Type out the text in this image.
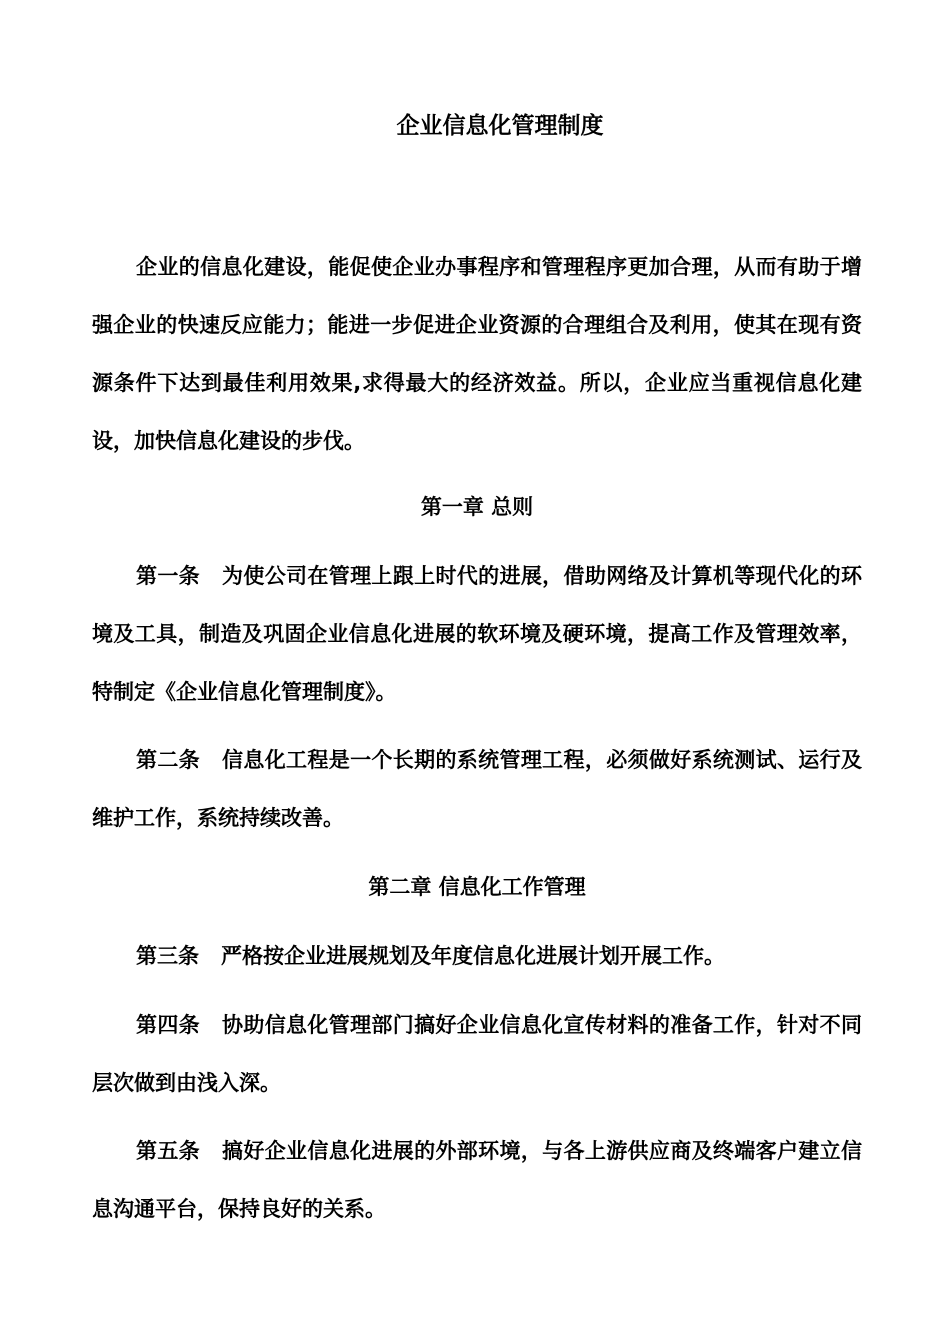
企业信息化管理制度

企业的信息化建设，能促使企业办事程序和管理程序更加合理，从而有助于增强企业的快速反应能力；能进一步促进企业资源的合理组合及利用，使其在现有资源条件下达到最佳利用效果,求得最大的经济效益。所以，企业应当重视信息化建设，加快信息化建设的步伐。

第一章 总则

第一条 为使公司在管理上跟上时代的进展，借助网络及计算机等现代化的环境及工具，制造及巩固企业信息化进展的软环境及硬环境，提高工作及管理效率，特制定《企业信息化管理制度》。

第二条 信息化工程是一个长期的系统管理工程，必须做好系统测试、运行及维护工作，系统持续改善。

第二章 信息化工作管理

第三条 严格按企业进展规划及年度信息化进展计划开展工作。

第四条 协助信息化管理部门搞好企业信息化宣传材料的准备工作，针对不同层次做到由浅入深。

第五条 搞好企业信息化进展的外部环境，与各上游供应商及终端客户建立信息沟通平台，保持良好的关系。
